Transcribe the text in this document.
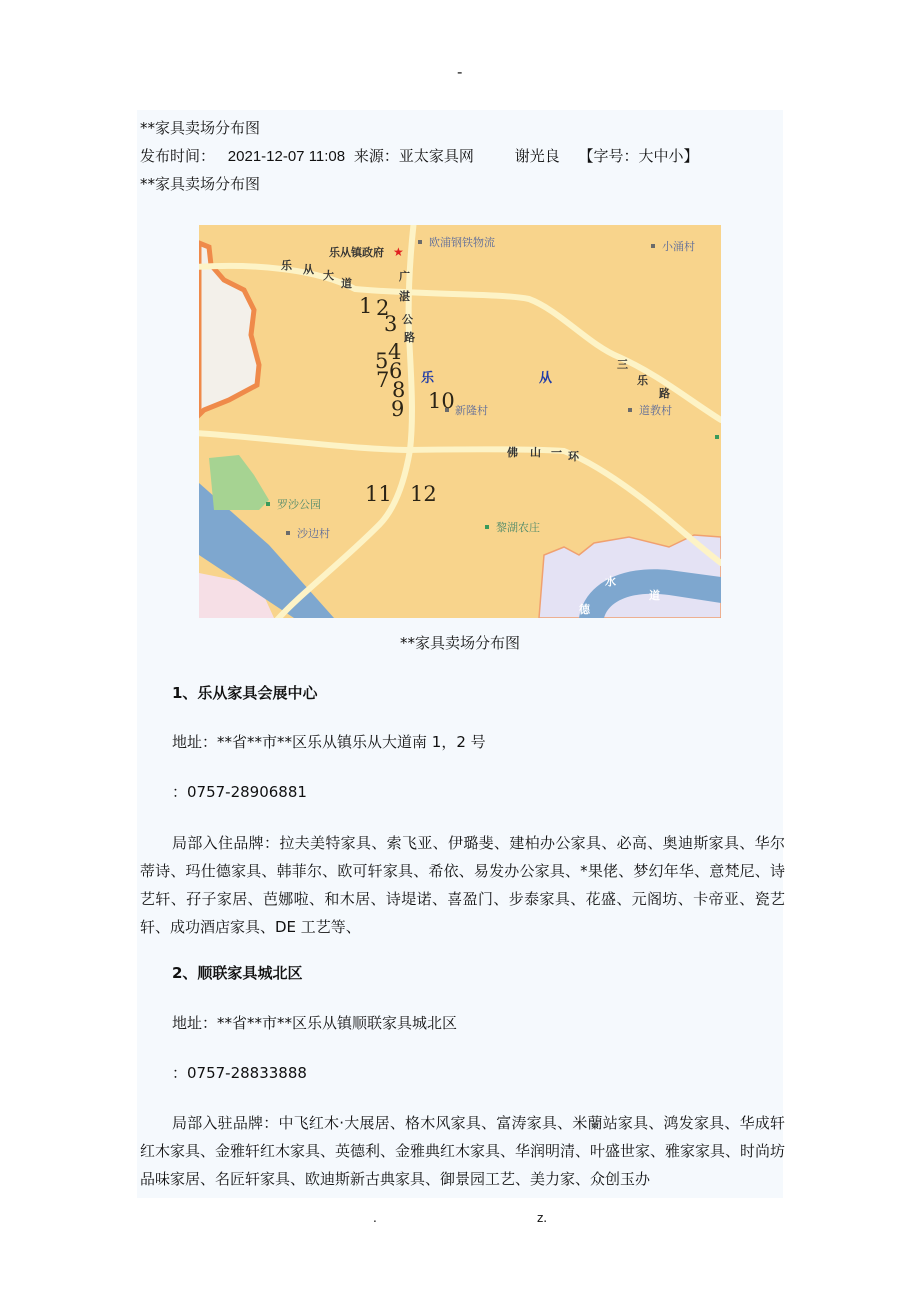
-
**家具卖场分布图
发布时间： 2021-12-07 11:08 来源：亚太家具网	谢光良 【字号：大中小】
**家具卖场分布图
乐从镇政府 ★
欧浦钢铁物流	小涌村
乐 从 大
道
广
湛
公
路
三
乐
路
佛 山 一 环
乐	从
新隆村	道教村
罗沙公园
沙边村	黎湖农庄
水
道
德
1 2
3
4
5 6
7 8
9 10
11 12
**家具卖场分布图
1、乐从家具会展中心
地址：**省**市**区乐从镇乐从大道南 1，2 号
：0757-28906881
局部入住品牌：拉夫美特家具、索飞亚、伊璐斐、建柏办公家具、必高、奥迪斯家具、华尔蒂诗、玛仕德家具、韩菲尔、欧可轩家具、希依、易发办公家具、*果佬、梦幻年华、意梵尼、诗艺轩、孖子家居、芭娜啦、和木居、诗堤诺、喜盈门、步泰家具、花盛、元阁坊、卡帝亚、瓷艺轩、成功酒店家具、DE 工艺等、
2、顺联家具城北区
地址：**省**市**区乐从镇顺联家具城北区
：0757-28833888
局部入驻品牌：中飞红木·大展居、格木风家具、富涛家具、米蘭站家具、鸿发家具、华成轩红木家具、金雅轩红木家具、英德利、金雅典红木家具、华润明清、叶盛世家、雅家家具、时尚坊品味家居、名匠轩家具、欧迪斯新古典家具、御景园工艺、美力家、众创玉办
.	z.
